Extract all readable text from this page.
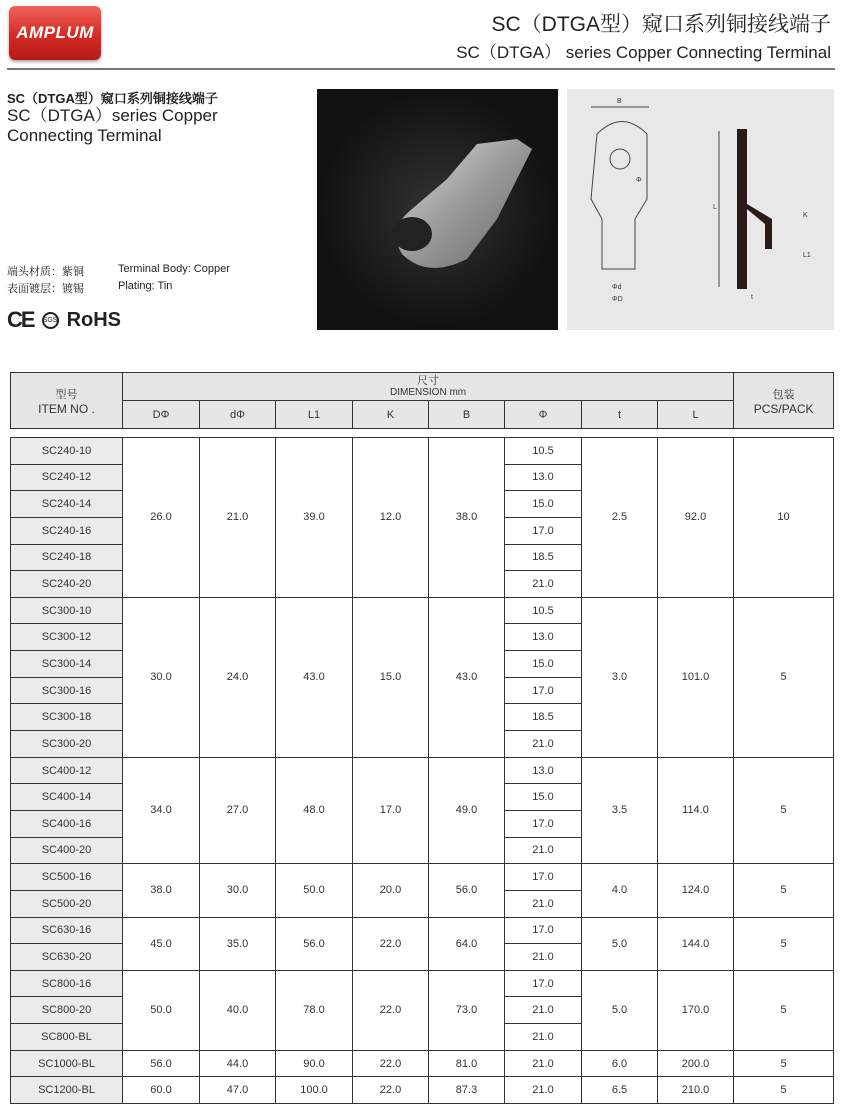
AMPLUM	SC（DTGA型）窥口系列铜接线端子
SC（DTGA） series Copper Connecting Terminal
SC（DTGA型）窥口系列铜接线端子
SC（DTGA）series Copper Connecting Terminal
端头材质：紫铜	Terminal Body: Copper
表面镀层：镀锡	Plating: Tin
CE SGS RoHS
B
Φ
Φd
ΦD
L
K
L1
t
型号
ITEM NO .	尺寸
DIMENSION mm								包装
PCS/PACK
	DΦ	dΦ	L1	K	B	Φ	t	L	
SC240-10	26.0	21.0	39.0	12.0	38.0	10.5	2.5	92.0	10
SC240-12						13.0			
SC240-14						15.0			
SC240-16						17.0			
SC240-18						18.5			
SC240-20						21.0			
SC300-10	30.0	24.0	43.0	15.0	43.0	10.5	3.0	101.0	5
SC300-12						13.0			
SC300-14						15.0			
SC300-16						17.0			
SC300-18						18.5			
SC300-20						21.0			
SC400-12	34.0	27.0	48.0	17.0	49.0	13.0	3.5	114.0	5
SC400-14						15.0			
SC400-16						17.0			
SC400-20						21.0			
SC500-16	38.0	30.0	50.0	20.0	56.0	17.0	4.0	124.0	5
SC500-20						21.0			
SC630-16	45.0	35.0	56.0	22.0	64.0	17.0	5.0	144.0	5
SC630-20						21.0			
SC800-16	50.0	40.0	78.0	22.0	73.0	17.0	5.0	170.0	5
SC800-20						21.0			
SC800-BL						21.0			
SC1000-BL	56.0	44.0	90.0	22.0	81.0	21.0	6.0	200.0	5
SC1200-BL	60.0	47.0	100.0	22.0	87.3	21.0	6.5	210.0	5
